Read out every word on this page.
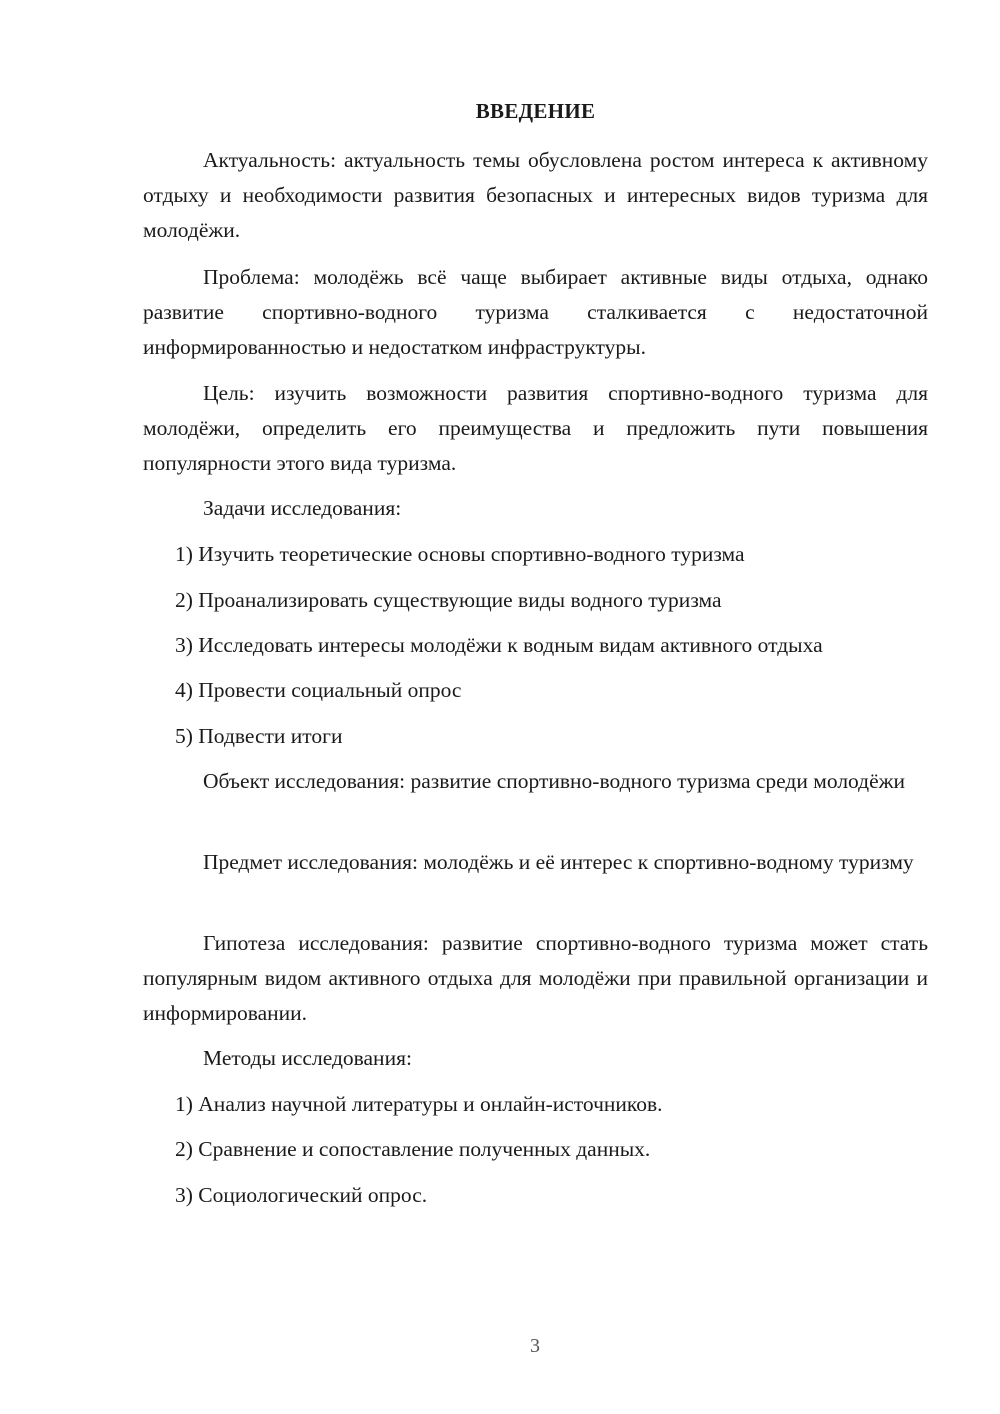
ВВЕДЕНИЕ

Актуальность: актуальность темы обусловлена ростом интереса к активному отдыху и необходимости развития безопасных и интересных видов туризма для молодёжи.

Проблема: молодёжь всё чаще выбирает активные виды отдыха, однако развитие спортивно-водного туризма сталкивается с недостаточной информированностью и недостатком инфраструктуры.

Цель: изучить возможности развития спортивно-водного туризма для молодёжи, определить его преимущества и предложить пути повышения популярности этого вида туризма.

Задачи исследования:

1) Изучить теоретические основы спортивно-водного туризма

2) Проанализировать существующие виды водного туризма

3) Исследовать интересы молодёжи к водным видам активного отдыха

4) Провести социальный опрос

5) Подвести итоги

Объект исследования: развитие спортивно-водного туризма среди молодёжи

Предмет исследования: молодёжь и её интерес к спортивно-водному туризму

Гипотеза исследования: развитие спортивно-водного туризма может стать популярным видом активного отдыха для молодёжи при правильной организации и информировании.

Методы исследования:

1) Анализ научной литературы и онлайн-источников.

2) Сравнение и сопоставление полученных данных.

3) Социологический опрос.

3
